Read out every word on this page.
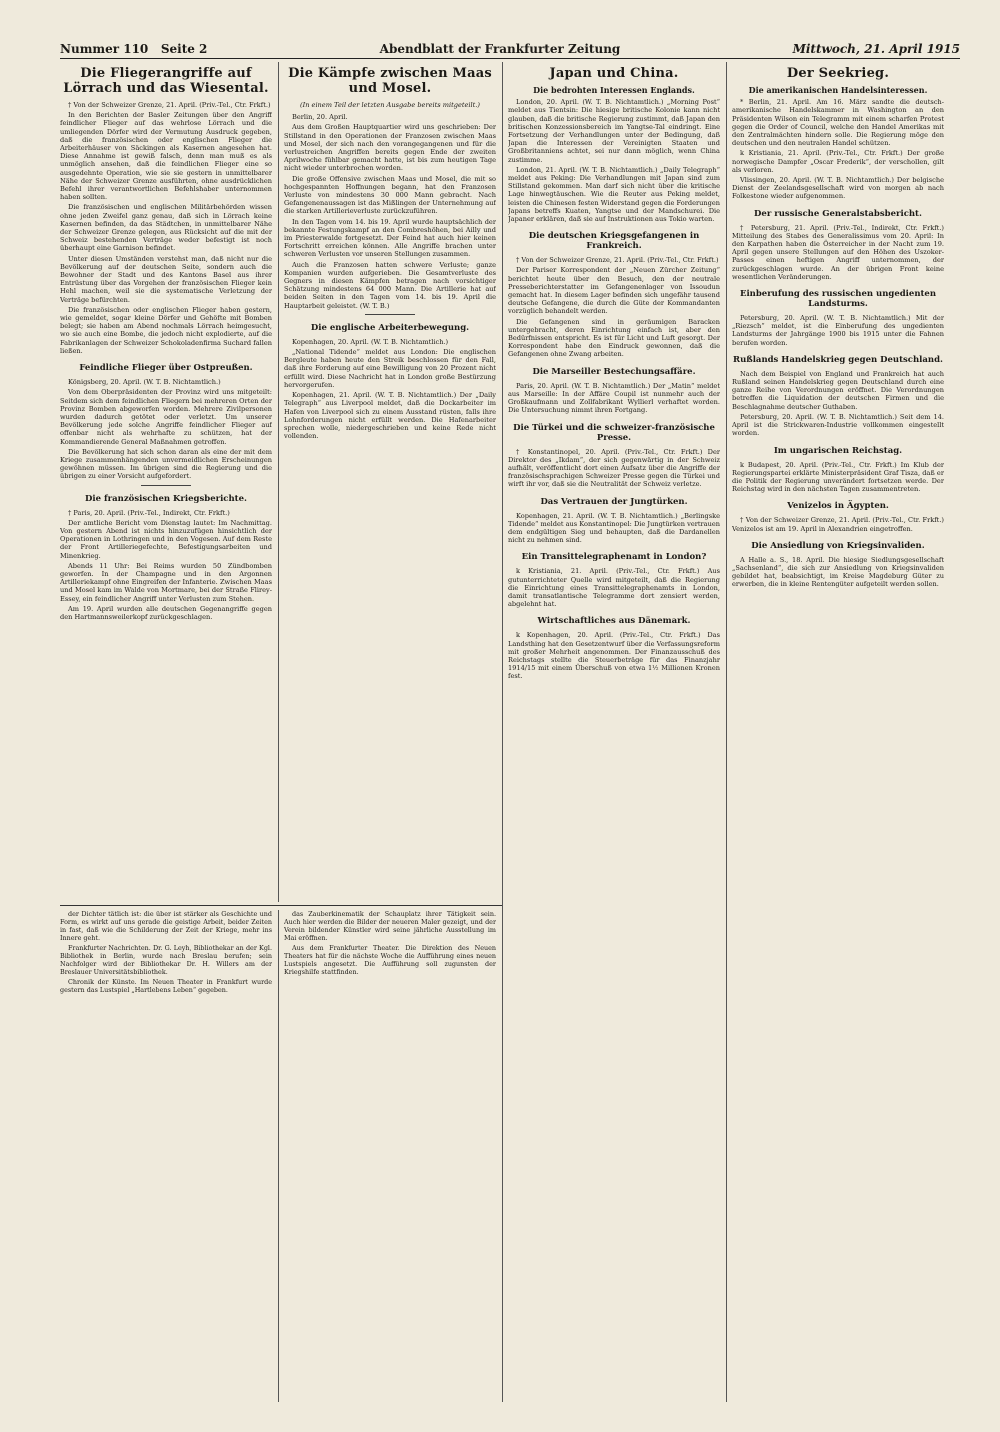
Nummer 110 Seite 2	Abendblatt der Frankfurter Zeitung	Mittwoch, 21. April 1915
Die Fliegerangriffe auf Lörrach und das Wiesental.

† Von der Schweizer Grenze, 21. April. (Priv.-Tel., Ctr. Frkft.)

In den Berichten der Basler Zeitungen über den Angriff feindlicher Flieger auf das wehrlose Lörrach und die umliegenden Dörfer wird der Vermutung Ausdruck gegeben, daß die französischen oder englischen Flieger die Arbeiterhäuser von Säckingen als Kasernen angesehen hat. Diese Annahme ist gewiß falsch, denn man muß es als unmöglich ansehen, daß die feindlichen Flieger eine so ausgedehnte Operation, wie sie sie gestern in unmittelbarer Nähe der Schweizer Grenze ausführten, ohne ausdrücklichen Befehl ihrer verantwortlichen Befehlshaber unternommen haben sollten.

Die französischen und englischen Militärbehörden wissen ohne jeden Zweifel ganz genau, daß sich in Lörrach keine Kasernen befinden, da das Städtchen, in unmittelbarer Nähe der Schweizer Grenze gelegen, aus Rücksicht auf die mit der Schweiz bestehenden Verträge weder befestigt ist noch überhaupt eine Garnison befindet.

Unter diesen Umständen verstehst man, daß nicht nur die Bevölkerung auf der deutschen Seite, sondern auch die Bewohner der Stadt und des Kantons Basel aus ihrer Entrüstung über das Vorgehen der französischen Flieger kein Hehl machen, weil sie die systematische Verletzung der Verträge befürchten.

Die französischen oder englischen Flieger haben gestern, wie gemeldet, sogar kleine Dörfer und Gehöfte mit Bomben belegt; sie haben am Abend nochmals Lörrach heimgesucht, wo sie auch eine Bombe, die jedoch nicht explodierte, auf die Fabrikanlagen der Schweizer Schokoladenfirma Suchard fallen ließen.

Feindliche Flieger über Ostpreußen.

Königsberg, 20. April. (W. T. B. Nichtamtlich.)

Von dem Oberpräsidenten der Provinz wird uns mitgeteilt: Seitdem sich dem feindlichen Fliegern bei mehreren Orten der Provinz Bomben abgeworfen worden. Mehrere Zivilpersonen wurden dadurch getötet oder verletzt. Um unserer Bevölkerung jede solche Angriffe feindlicher Flieger auf offenbar nicht als wehrhafte zu schützen, hat der Kommandierende General Maßnahmen getroffen.

Die Bevölkerung hat sich schon daran als eine der mit dem Kriege zusammenhängenden unvermeidlichen Erscheinungen gewöhnen müssen. Im übrigen sind die Regierung und die übrigen zu einer Vorsicht aufgefordert.

Die französischen Kriegsberichte.

† Paris, 20. April. (Priv.-Tel., Indirekt, Ctr. Frkft.)

Der amtliche Bericht vom Dienstag lautet: Im Nachmittag. Von gestern Abend ist nichts hinzuzufügen hinsichtlich der Operationen in Lothringen und in den Vogesen. Auf dem Reste der Front Artilleriegefechte, Befestigungsarbeiten und Minenkrieg.

Abends 11 Uhr: Bei Reims wurden 50 Zündbomben geworfen. In der Champagne und in den Argonnen Artilleriekampf ohne Eingreifen der Infanterie. Zwischen Maas und Mosel kam im Walde von Mortmare, bei der Straße Flirey-Essey, ein feindlicher Angriff unter Verlusten zum Stehen.

Am 19. April wurden alle deutschen Gegenangriffe gegen den Hartmannsweilerkopf zurückgeschlagen.

Die Kämpfe zwischen Maas und Mosel.
(In einem Teil der letzten Ausgabe bereits mitgeteilt.)

Berlin, 20. April.

Aus dem Großen Hauptquartier wird uns geschrieben: Der Stillstand in den Operationen der Franzosen zwischen Maas und Mosel, der sich nach den vorangegangenen und für die verlustreichen Angriffen bereits gegen Ende der zweiten Aprilwoche fühlbar gemacht hatte, ist bis zum heutigen Tage nicht wieder unterbrochen worden.

Die große Offensive zwischen Maas und Mosel, die mit so hochgespannten Hoffnungen begann, hat den Franzosen Verluste von mindestens 30 000 Mann gebracht. Nach Gefangenenaussagen ist das Mißlingen der Unternehmung auf die starken Artillerieverluste zurückzuführen.

In den Tagen vom 14. bis 19. April wurde hauptsächlich der bekannte Festungskampf an den Combreshöhen, bei Ailly und im Priesterwalde fortgesetzt. Der Feind hat auch hier keinen Fortschritt erreichen können. Alle Angriffe brachen unter schweren Verlusten vor unseren Stellungen zusammen.

Auch die Franzosen hatten schwere Verluste; ganze Kompanien wurden aufgerieben. Die Gesamtverluste des Gegners in diesen Kämpfen betragen nach vorsichtiger Schätzung mindestens 64 000 Mann. Die Artillerie hat auf beiden Seiten in den Tagen vom 14. bis 19. April die Hauptarbeit geleistet. (W. T. B.)

Die englische Arbeiterbewegung.

Kopenhagen, 20. April. (W. T. B. Nichtamtlich.)

„National Tidende“ meldet aus London: Die englischen Bergleute haben heute den Streik beschlossen für den Fall, daß ihre Forderung auf eine Bewilligung von 20 Prozent nicht erfüllt wird. Diese Nachricht hat in London große Bestürzung hervorgerufen.

Kopenhagen, 21. April. (W. T. B. Nichtamtlich.) Der „Daily Telegraph“ aus Liverpool meldet, daß die Dockarbeiter im Hafen von Liverpool sich zu einem Ausstand rüsten, falls ihre Lohnforderungen nicht erfüllt werden. Die Hafenarbeiter sprechen wolle, niedergeschrieben und keine Rede nicht vollenden.

Japan und China.
Die bedrohten Interessen Englands.

London, 20. April. (W. T. B. Nichtamtlich.) „Morning Post“ meldet aus Tientsin: Die hiesige britische Kolonie kann nicht glauben, daß die britische Regierung zustimmt, daß Japan den britischen Konzessionsbereich im Yangtse-Tal eindringt. Eine Fortsetzung der Verhandlungen unter der Bedingung, daß Japan die Interessen der Vereinigten Staaten und Großbritanniens achtet, sei nur dann möglich, wenn China zustimme.

London, 21. April. (W. T. B. Nichtamtlich.) „Daily Telegraph“ meldet aus Peking: Die Verhandlungen mit Japan sind zum Stillstand gekommen. Man darf sich nicht über die kritische Lage hinwegtäuschen. Wie die Reuter aus Peking meldet, leisten die Chinesen festen Widerstand gegen die Forderungen Japans betreffs Kuaten, Yangtse und der Mandschurei. Die Japaner erklären, daß sie auf Instruktionen aus Tokio warten.

Die deutschen Kriegsgefangenen in Frankreich.

† Von der Schweizer Grenze, 21. April. (Priv.-Tel., Ctr. Frkft.)

Der Pariser Korrespondent der „Neuen Zürcher Zeitung“ berichtet heute über den Besuch, den der neutrale Presseberichterstatter im Gefangenenlager von Issoudun gemacht hat. In diesem Lager befinden sich ungefähr tausend deutsche Gefangene, die durch die Güte der Kommandanten vorzüglich behandelt werden.

Die Gefangenen sind in geräumigen Baracken untergebracht, deren Einrichtung einfach ist, aber den Bedürfnissen entspricht. Es ist für Licht und Luft gesorgt. Der Korrespondent habe den Eindruck gewonnen, daß die Gefangenen ohne Zwang arbeiten.

Die Marseiller Bestechungsaffäre.

Paris, 20. April. (W. T. B. Nichtamtlich.) Der „Matin“ meldet aus Marseille: In der Affäre Coupil ist nunmehr auch der Großkaufmann und Zollfabrikant Wyllierl verhaftet worden. Die Untersuchung nimmt ihren Fortgang.

Die Türkei und die schweizer-französische Presse.

† Konstantinopel, 20. April. (Priv.-Tel., Ctr. Frkft.) Der Direktor des „Ikdam“, der sich gegenwärtig in der Schweiz aufhält, veröffentlicht dort einen Aufsatz über die Angriffe der französischsprachigen Schweizer Presse gegen die Türkei und wirft ihr vor, daß sie die Neutralität der Schweiz verletze.

Das Vertrauen der Jungtürken.

Kopenhagen, 21. April. (W. T. B. Nichtamtlich.) „Berlingske Tidende“ meldet aus Konstantinopel: Die Jungtürken vertrauen dem endgültigen Sieg und behaupten, daß die Dardanellen nicht zu nehmen sind.

Ein Transittelegraphenamt in London?

k Kristiania, 21. April. (Priv.-Tel., Ctr. Frkft.) Aus gutunterrichteter Quelle wird mitgeteilt, daß die Regierung die Einrichtung eines Transittelegraphenamts in London, damit transatlantische Telegramme dort zensiert werden, abgelehnt hat.

Wirtschaftliches aus Dänemark.

k Kopenhagen, 20. April. (Priv.-Tel., Ctr. Frkft.) Das Landsthing hat den Gesetzentwurf über die Verfassungsreform mit großer Mehrheit angenommen. Der Finanzausschuß des Reichstags stellte die Steuerbeträge für das Finanzjahr 1914/15 mit einem Überschuß von etwa 1½ Millionen Kronen fest.

Der Seekrieg.
Die amerikanischen Handelsinteressen.

* Berlin, 21. April. Am 16. März sandte die deutsch-amerikanische Handelskammer in Washington an den Präsidenten Wilson ein Telegramm mit einem scharfen Protest gegen die Order of Council, welche den Handel Amerikas mit den Zentralmächten hindern solle. Die Regierung möge den deutschen und den neutralen Handel schützen.

k Kristiania, 21. April. (Priv.-Tel., Ctr. Frkft.) Der große norwegische Dampfer „Oscar Frederik“, der verschollen, gilt als verloren.

Vlissingen, 20. April. (W. T. B. Nichtamtlich.) Der belgische Dienst der Zeelandsgesellschaft wird von morgen ab nach Folkestone wieder aufgenommen.

Der russische Generalstabsbericht.

† Petersburg, 21. April. (Priv.-Tel., Indirekt, Ctr. Frkft.) Mitteilung des Stabes des Generalissimus vom 20. April: In den Karpathen haben die Österreicher in der Nacht zum 19. April gegen unsere Stellungen auf den Höhen des Uszoker-Passes einen heftigen Angriff unternommen, der zurückgeschlagen wurde. An der übrigen Front keine wesentlichen Veränderungen.

Einberufung des russischen ungedienten Landsturms.

Petersburg, 20. April. (W. T. B. Nichtamtlich.) Mit der „Riezsch“ meldet, ist die Einberufung des ungedienten Landsturms der Jahrgänge 1900 bis 1915 unter die Fahnen berufen worden.

Rußlands Handelskrieg gegen Deutschland.

Nach dem Beispiel von England und Frankreich hat auch Rußland seinen Handelskrieg gegen Deutschland durch eine ganze Reihe von Verordnungen eröffnet. Die Verordnungen betreffen die Liquidation der deutschen Firmen und die Beschlagnahme deutscher Guthaben.

Petersburg, 20. April. (W. T. B. Nichtamtlich.) Seit dem 14. April ist die Strickwaren-Industrie vollkommen eingestellt worden.

Im ungarischen Reichstag.

k Budapest, 20. April. (Priv.-Tel., Ctr. Frkft.) Im Klub der Regierungspartei erklärte Ministerpräsident Graf Tisza, daß er die Politik der Regierung unverändert fortsetzen werde. Der Reichstag wird in den nächsten Tagen zusammentreten.

Venizelos in Ägypten.

† Von der Schweizer Grenze, 21. April. (Priv.-Tel., Ctr. Frkft.) Venizelos ist am 19. April in Alexandrien eingetroffen.

Die Ansiedlung von Kriegsinvaliden.

A Halle a. S., 18. April. Die hiesige Siedlungsgesellschaft „Sachsenland“, die sich zur Ansiedlung von Kriegsinvaliden gebildet hat, beabsichtigt, im Kreise Magdeburg Güter zu erwerben, die in kleine Rentengüter aufgeteilt werden sollen.

der Dichter tätlich ist: die über ist stärker als Geschichte und Form, es wirkt auf uns gerade die geistige Arbeit, beider Zeiten in fast, daß wie die Schilderung der Zeit der Kriege, mehr ins Innere geht.

Frankfurter Nachrichten. Dr. G. Leyh, Bibliothekar an der Kgl. Bibliothek in Berlin, wurde nach Breslau berufen; sein Nachfolger wird der Bibliothekar Dr. H. Willers am der Breslauer Universitätsbibliothek.

Chronik der Künste. Im Neuen Theater in Frankfurt wurde gestern das Lustspiel „Hartlebens Leben“ gegeben.

das Zauberkinematik der Schauplatz ihrer Tätigkeit sein. Auch hier werden die Bilder der neueren Maler gezeigt, und der Verein bildender Künstler wird seine jährliche Ausstellung im Mai eröffnen.

Aus dem Frankfurter Theater. Die Direktion des Neuen Theaters hat für die nächste Woche die Aufführung eines neuen Lustspiels angesetzt. Die Aufführung soll zugunsten der Kriegshilfe stattfinden.
